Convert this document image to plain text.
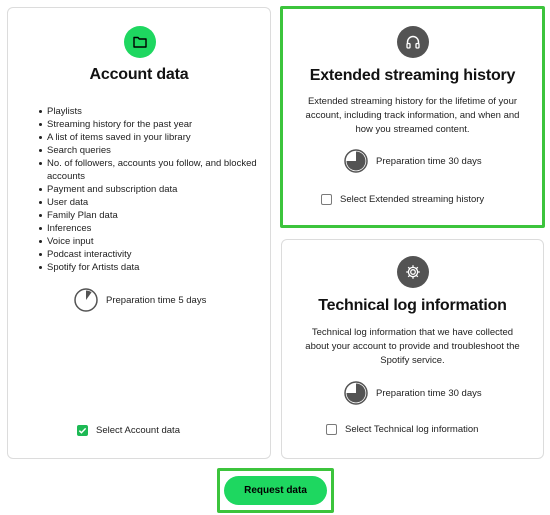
Account data
Playlists
Streaming history for the past year
A list of items saved in your library
Search queries
No. of followers, accounts you follow, and blocked accounts
Payment and subscription data
User data
Family Plan data
Inferences
Voice input
Podcast interactivity
Spotify for Artists data
Preparation time 5 days
Select Account data
Extended streaming history
Extended streaming history for the lifetime of your account, including track information, and when and how you streamed content.
Preparation time 30 days
Select Extended streaming history
Technical log information
Technical log information that we have collected about your account to provide and troubleshoot the Spotify service.
Preparation time 30 days
Select Technical log information
Request data
